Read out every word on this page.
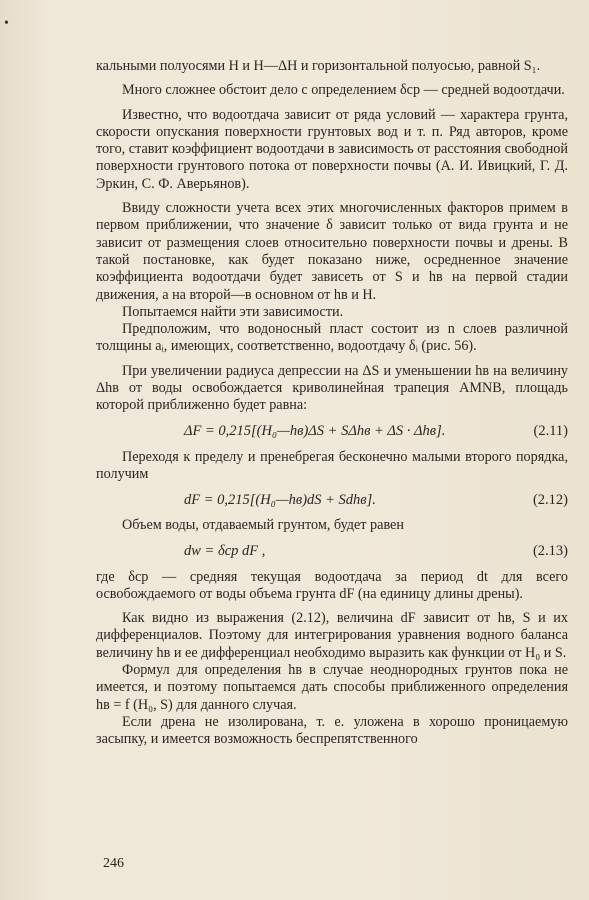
•

кальными полуосями H и H—ΔH и горизонтальной полуосью, равной S₁.

Много сложнее обстоит дело с определением δср — средней водоотдачи.

Известно, что водоотдача зависит от ряда условий — характера грунта, скорости опускания поверхности грунтовых вод и т. п. Ряд авторов, кроме того, ставит коэффициент водоотдачи в зависимость от расстояния свободной поверхности грунтового потока от поверхности почвы (А. И. Ивицкий, Г. Д. Эркин, С. Ф. Аверьянов).

Ввиду сложности учета всех этих многочисленных факторов примем в первом приближении, что значение δ зависит только от вида грунта и не зависит от размещения слоев относительно поверхности почвы и дрены. В такой постановке, как будет показано ниже, осредненное значение коэффициента водоотдачи будет зависеть от S и hв на первой стадии движения, а на второй—в основном от hв и H.

Попытаемся найти эти зависимости.

Предположим, что водоносный пласт состоит из n слоев различной толщины aᵢ, имеющих, соответственно, водоотдачу δᵢ (рис. 56).

При увеличении радиуса депрессии на ΔS и уменьшении hв на величину Δhв от воды освобождается криволинейная трапеция AMNB, площадь которой приближенно будет равна:

ΔF = 0,215[(H₀—hв)ΔS + SΔhв + ΔS · Δhв].	(2.11)

Переходя к пределу и пренебрегая бесконечно малыми второго порядка, получим

dF = 0,215[(H₀—hв)dS + Sdhв].	(2.12)

Объем воды, отдаваемый грунтом, будет равен

dw = δср dF ,	(2.13)

где δср — средняя текущая водоотдача за период dt для всего освобождаемого от воды объема грунта dF (на единицу длины дрены).

Как видно из выражения (2.12), величина dF зависит от hв, S и их дифференциалов. Поэтому для интегрирования уравнения водного баланса величину hв и ее дифференциал необходимо выразить как функции от H₀ и S.

Формул для определения hв в случае неоднородных грунтов пока не имеется, и поэтому попытаемся дать способы приближенного определения hв = f (H₀, S) для данного случая.

Если дрена не изолирована, т. е. уложена в хорошо проницаемую засыпку, и имеется возможность беспрепятственного

246
